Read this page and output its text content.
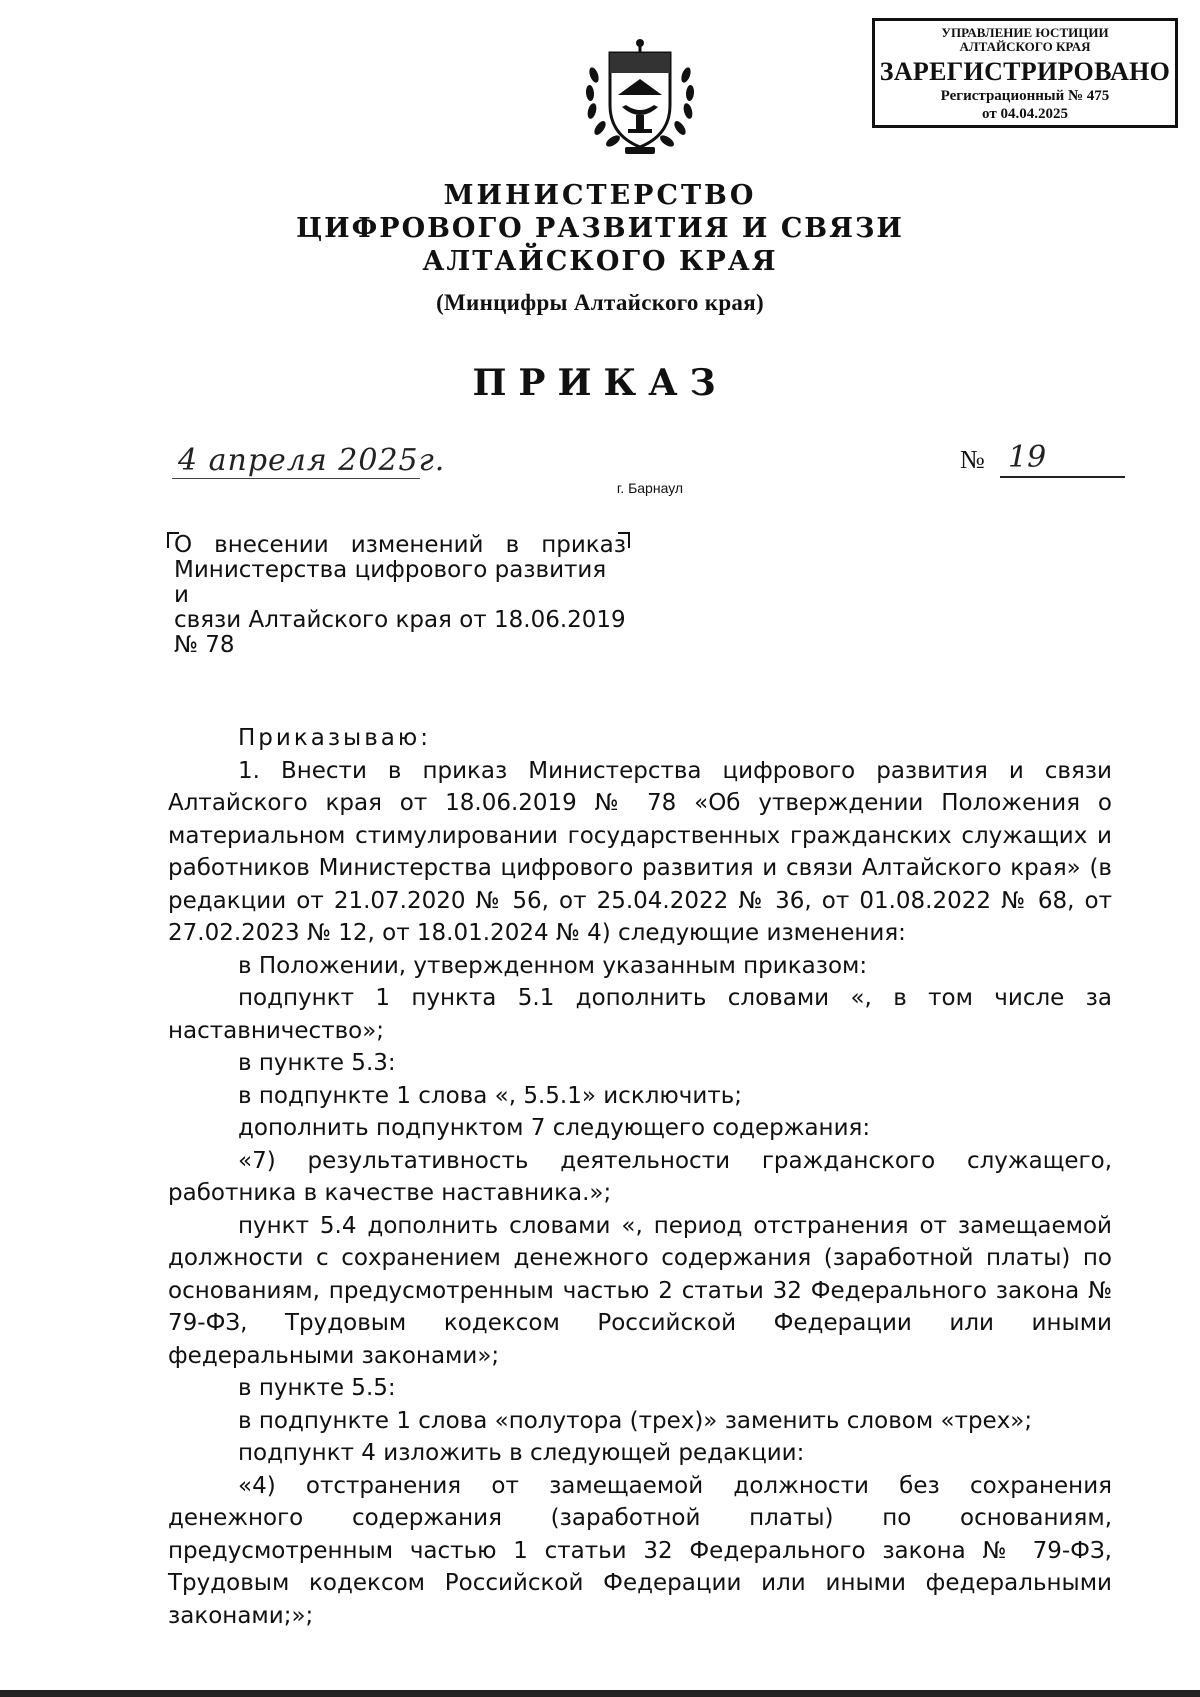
УПРАВЛЕНИЕ ЮСТИЦИИ
АЛТАЙСКОГО КРАЯ
ЗАРЕГИСТРИРОВАНО
Регистрационный № 475
от 04.04.2025
МИНИСТЕРСТВО
ЦИФРОВОГО РАЗВИТИЯ И СВЯЗИ
АЛТАЙСКОГО КРАЯ
(Минцифры Алтайского края)
ПРИКАЗ
4 апреля 2025г.	№ 19
г. Барнаул
О внесении изменений в приказ
Министерства цифрового развития и
связи Алтайского края от 18.06.2019
№ 78

Приказываю:

1. Внести в приказ Министерства цифрового развития и связи Алтайского края от 18.06.2019 № 78 «Об утверждении Положения о материальном стимулировании государственных гражданских служащих и работников Министерства цифрового развития и связи Алтайского края» (в редакции от 21.07.2020 № 56, от 25.04.2022 № 36, от 01.08.2022 № 68, от 27.02.2023 № 12, от 18.01.2024 № 4) следующие изменения:

в Положении, утвержденном указанным приказом:

подпункт 1 пункта 5.1 дополнить словами «, в том числе за наставничество»;

в пункте 5.3:

в подпункте 1 слова «, 5.5.1» исключить;

дополнить подпунктом 7 следующего содержания:

«7) результативность деятельности гражданского служащего, работника в качестве наставника.»;

пункт 5.4 дополнить словами «, период отстранения от замещаемой должности с сохранением денежного содержания (заработной платы) по основаниям, предусмотренным частью 2 статьи 32 Федерального закона № 79-ФЗ, Трудовым кодексом Российской Федерации или иными федеральными законами»;

в пункте 5.5:

в подпункте 1 слова «полутора (трех)» заменить словом «трех»;

подпункт 4 изложить в следующей редакции:

«4) отстранения от замещаемой должности без сохранения денежного содержания (заработной платы) по основаниям, предусмотренным частью 1 статьи 32 Федерального закона № 79-ФЗ, Трудовым кодексом Российской Федерации или иными федеральными законами;»;
